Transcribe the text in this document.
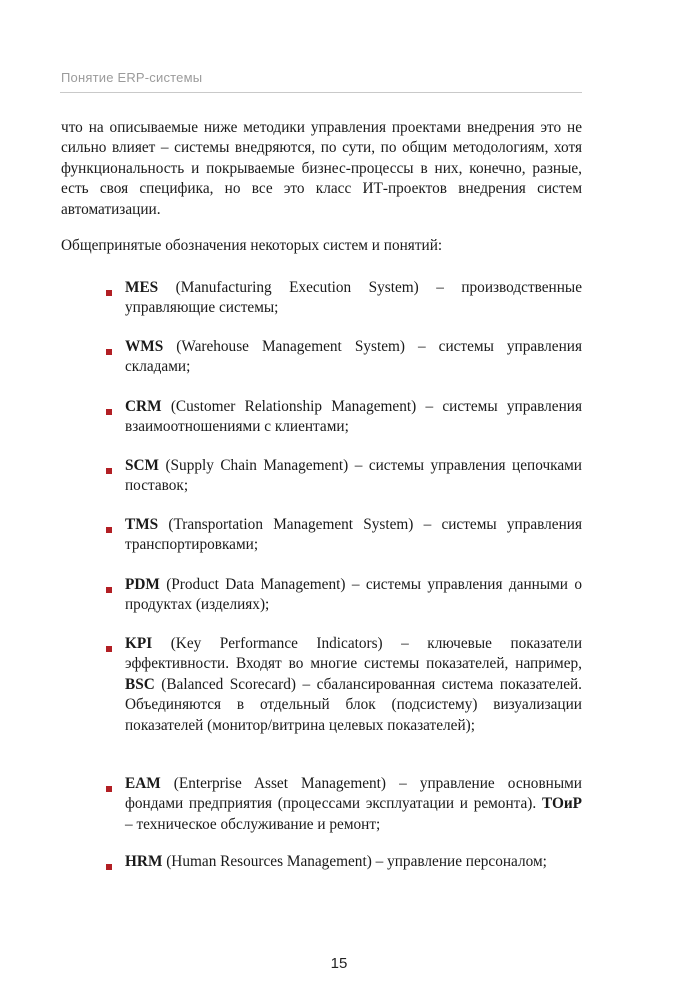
Понятие ERP-системы

что на описываемые ниже методики управления проектами внедрения это не сильно влияет – системы внедряются, по сути, по общим методологиям, хотя функциональность и покрываемые бизнес-процессы в них, конечно, разные, есть своя специфика, но все это класс ИТ-проектов внедрения систем автоматизации.

Общепринятые обозначения некоторых систем и понятий:

MES (Manufacturing Execution System) – производственные управляющие системы;
WMS (Warehouse Management System) – системы управления складами;
CRM (Customer Relationship Management) – системы управления взаимоотношениями с клиентами;
SCM (Supply Chain Management) – системы управления цепочками поставок;
TMS (Transportation Management System) – системы управления транспортировками;
PDM (Product Data Management) – системы управления данными о продуктах (изделиях);
KPI (Key Performance Indicators) – ключевые показатели эффективности. Входят во многие системы показателей, например, BSC (Balanced Scorecard) – сбалансированная система показателей. Объединяются в отдельный блок (подсистему) визуализации показателей (монитор/витрина целевых показателей);
EAM (Enterprise Asset Management) – управление основными фондами предприятия (процессами эксплуатации и ремонта). ТОиР – техническое обслуживание и ремонт;
HRM (Human Resources Management) – управление персоналом;
15
